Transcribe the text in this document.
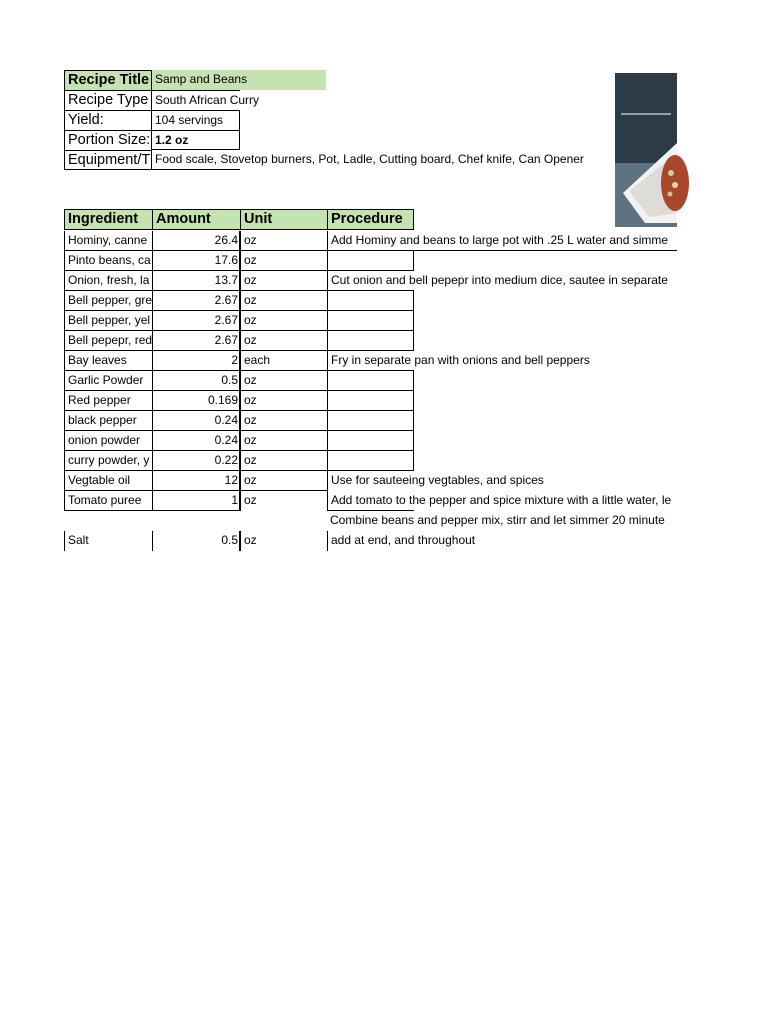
Recipe Title Samp and Beans
Recipe Type South African Curry
Yield:	104 servings
Portion Size: 1.2 oz
Equipment/T Food scale, Stovetop burners, Pot, Ladle, Cutting board, Chef knife, Can Opener
Ingredient	Amount	Unit	Procedure
Hominy, canne	26.4 oz	Add Hominy and beans to large pot with .25 L water and simme
Pinto beans, ca	17.6 oz
Onion, fresh, la	13.7 oz	Cut onion and bell pepepr into medium dice, sautee in separate
Bell pepper, gre	2.67 oz
Bell pepper, yel	2.67 oz
Bell pepepr, red	2.67 oz
Bay leaves	2 each	Fry in separate pan with onions and bell peppers
Garlic Powder	0.5 oz
Red pepper	0.169 oz
black pepper	0.24 oz
onion powder	0.24 oz
curry powder, y	0.22 oz
Vegtable oil	12 oz	Use for sauteeing vegtables, and spices
Tomato puree	1 oz	Add tomato to the pepper and spice mixture with a little water, le
Combine beans and pepper mix, stirr and let simmer 20 minute
Salt	0.5 oz	add at end, and throughout
